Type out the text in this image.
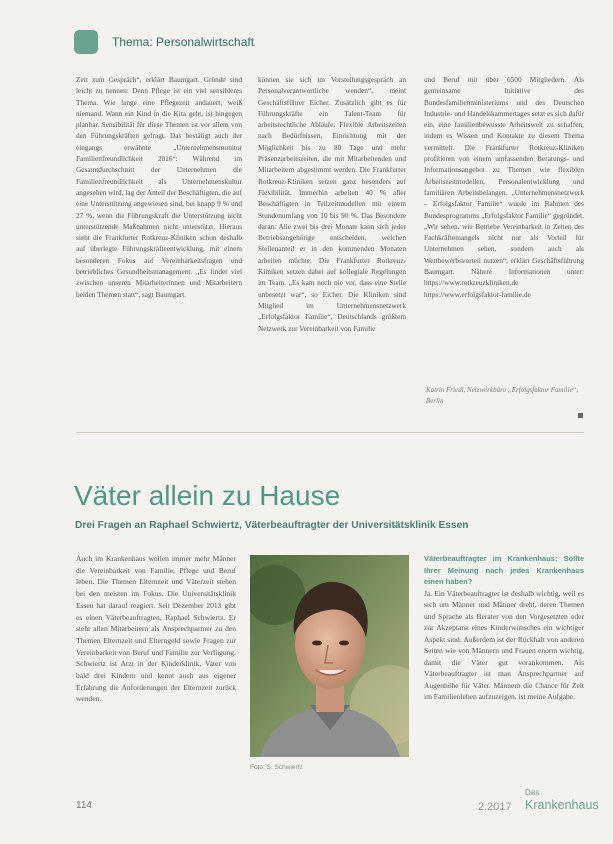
Thema: Personalwirtschaft

Zeit zum Gespräch“, erklärt Baumgart. Gründe sind leicht zu nennen: Denn Pflege ist ein viel sensibleres Thema. Wie lange eine Pflegezeit andauert, weiß niemand. Wann ein Kind in die Kita geht, ist hingegen planbar. Sensibilität für diese Themen ist vor allem von den Führungskräften gefragt. Das bestätigt auch der eingangs erwähnte „Unternehmensmonitor Familienfreundlichkeit 2016“: Während im Gesamtdurchschnitt der Unternehmen die Familienfreundlichkeit als Unternehmenskultur angesehen wird, lag der Anteil der Beschäftigten, die auf eine Unterstützung angewiesen sind, bei knapp 9 % und 27 %, wenn die Führungskraft die Unterstützung nicht unterstützende Maßnahmen nicht unterstützt. Hieraus sieht die Frankfurter Rotkreuz-Kliniken schon deshalb auf überlegte Führungskräfteentwicklung, mit einem besonderen Fokus auf Vereinbarkeitsfragen und betriebliches Gesundheitsmanagement. „Es findet viel zwischen unseren Mitarbeiterinnen und Mitarbeitern beiden Themen statt“, sagt Baumgart.

können sie sich im Vorstellungsgespräch an Personalverantwortliche wenden“, meint Geschäftsführer Eicher. Zusätzlich gibt es für Führungskräfte ein Talent-Team für arbeitsrechtliche Abläufe. Flexible Arbeitszeiten nach Bedürfnissen, Einrichtung mit der Möglichkeit bis zu 80 Tage und mehr Präsenzarbeitszeiten, die mit Mitarbeitenden und Mitarbeitern abgestimmt werden. Die Frankfurter Rotkreuz-Kliniken setzen ganz besonders auf Flexibilität. Immerhin arbeiten 40 % aller Beschäftigten in Teilzeitmodellen mit einem Stundenumfang von 10 bis 90 %. Das Besondere daran: Alle zwei bis drei Monate kann sich jeder Betriebsangehörige entscheiden, welchen Stellenanteil er in den kommenden Monaten arbeiten möchte. Die Frankfurter Rotkreuz-Kliniken setzen dabei auf kollegiale Regelungen im Team. „Es kam noch nie vor, dass eine Stelle unbesetzt war“, so Eicher. Die Kliniken sind Mitglied im Unternehmensnetzwerk „Erfolgsfaktor Familie“, Deutschlands größtem Netzwerk zur Vereinbarkeit von Familie

und Beruf mit über 6500 Mitgliedern. Als gemeinsame Initiative des Bundesfamilienministeriums und des Deutschen Industrie- und Handelskammertages setzt es sich dafür ein, eine familienbewusste Arbeitswelt zu schaffen, indem es Wissen und Kontakte zu diesem Thema vermittelt. Die Frankfurter Rotkreuz-Kliniken profitieren von einem umfassenden Beratungs- und Informationsangebot zu Themen wie flexiblen Arbeitszeitmodellen, Personalentwicklung und familiären Arbeitsbelangen. „Unternehmensnetzwerk – Erfolgsfaktor Familie“ wurde im Rahmen des Bundesprogramms „Erfolgsfaktor Familie“ gegründet. „Wir sehen, wie Betriebe Vereinbarkeit in Zeiten des Fachkräftemangels nicht nur als Vorteil für Unternehmen sehen, sondern auch als Wettbewerbsvorteil nutzen“, erklärt Geschäftsführung Baumgart. Nähere Informationen unter: https://www.rotkreuzkliniken.de https://www.erfolgsfaktor-familie.de

Katrin Friedl, Netzwerkbüro „Erfolgsfaktor Familie“, Berlin
Väter allein zu Hause
Drei Fragen an Raphael Schwiertz, Väterbeauftragter der Universitätsklinik Essen

Auch im Krankenhaus wollen immer mehr Männer die Vereinbarkeit von Familie, Pflege und Beruf leben. Die Themen Elternzeit und Väterzeit stehen bei den meisten im Fokus. Die Universitätsklinik Essen hat darauf reagiert. Seit Dezember 2013 gibt es einen Väterbeauftragten, Raphael Schwiertz. Er steht allen Mitarbeitern als Ansprechpartner zu den Themen Elternzeit und Elterngeld sowie Fragen zur Vereinbarkeit von Beruf und Familie zur Verfügung. Schwiertz ist Arzt in der Kinderklinik, Vater von bald drei Kindern und kennt auch aus eigener Erfahrung die Anforderungen der Elternzeit zurück wenden.

Foto: S. Schwiertz

Väterbeauftragter im Krankenhaus: Sollte Ihrer Meinung nach jedes Krankenhaus einen haben?

Ja. Ein Väterbeauftragter ist deshalb wichtig, weil es sich um Männer und Männer dreht, deren Themen und Sprache als Berater von den Vorgesetzten oder zur Akzeptanz eines Kinderwunsches ein wichtiger Aspekt sind. Außerdem ist der Rückhalt von anderen Seiten wie von Männern und Frauen enorm wichtig, damit die Väter gut vorankommen. Als Väterbeauftragter ist man Ansprechpartner auf Augenhöhe für Väter. Männern die Chance für Zeit im Familienleben aufzuzeigen, ist meine Aufgabe.

114	2.2017
Das
Krankenhaus
